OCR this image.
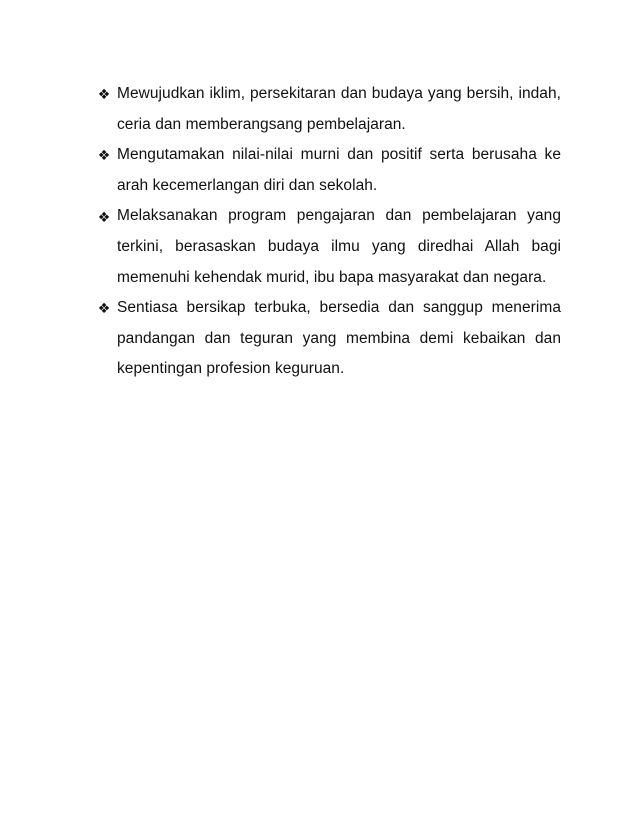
❖ Mewujudkan iklim, persekitaran dan budaya yang bersih, indah, ceria dan memberangsang pembelajaran.
❖ Mengutamakan nilai-nilai murni dan positif serta berusaha ke arah kecemerlangan diri dan sekolah.
❖ Melaksanakan program pengajaran dan pembelajaran yang terkini, berasaskan budaya ilmu yang diredhai Allah bagi memenuhi kehendak murid, ibu bapa masyarakat dan negara.
❖ Sentiasa bersikap terbuka, bersedia dan sanggup menerima pandangan dan teguran yang membina demi kebaikan dan kepentingan profesion keguruan.
